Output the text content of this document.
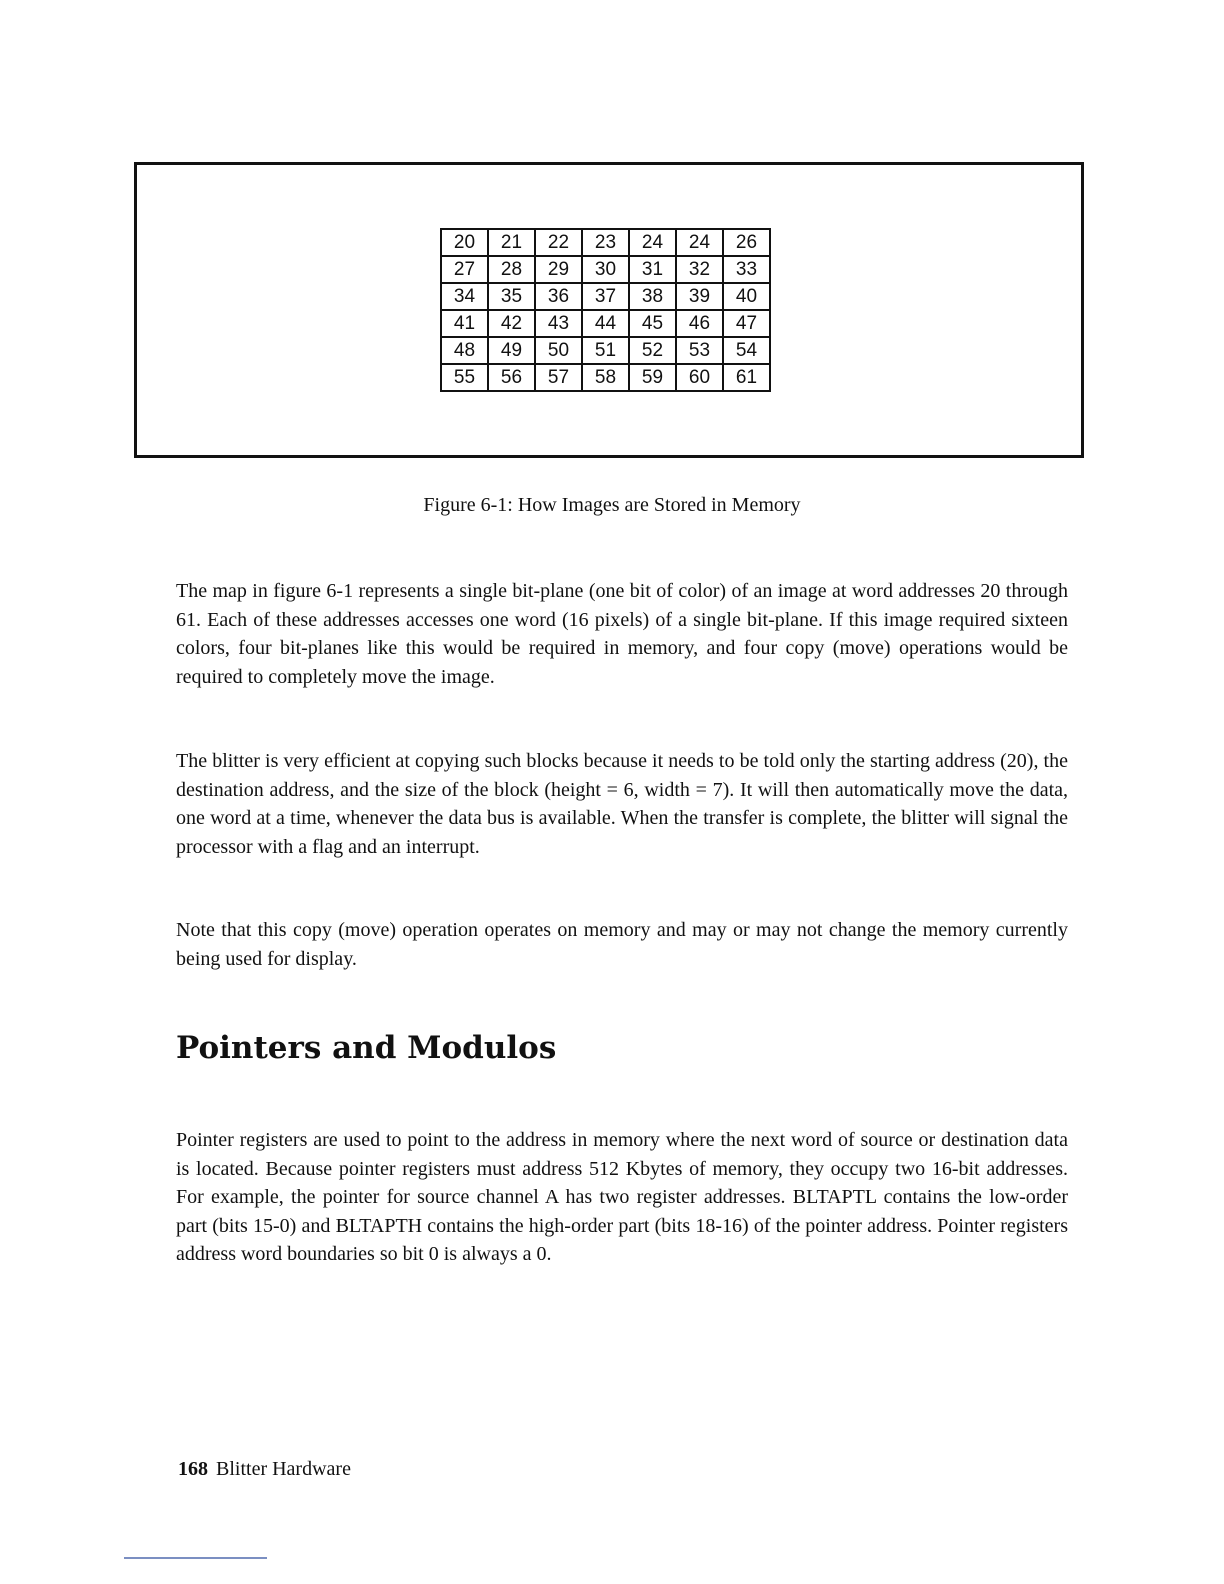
20	21	22	23	24	24	26
27	28	29	30	31	32	33
34	35	36	37	38	39	40
41	42	43	44	45	46	47
48	49	50	51	52	53	54
55	56	57	58	59	60	61
Figure 6-1: How Images are Stored in Memory

The map in figure 6-1 represents a single bit-plane (one bit of color) of an image at word addresses 20 through 61. Each of these addresses accesses one word (16 pixels) of a single bit-plane. If this image required sixteen colors, four bit-planes like this would be required in memory, and four copy (move) operations would be required to completely move the image.

The blitter is very efficient at copying such blocks because it needs to be told only the starting address (20), the destination address, and the size of the block (height = 6, width = 7). It will then automatically move the data, one word at a time, whenever the data bus is available. When the transfer is complete, the blitter will signal the processor with a flag and an interrupt.

Note that this copy (move) operation operates on memory and may or may not change the memory currently being used for display.

Pointers and Modulos

Pointer registers are used to point to the address in memory where the next word of source or destination data is located. Because pointer registers must address 512 Kbytes of memory, they occupy two 16-bit addresses. For example, the pointer for source channel A has two register addresses. BLTAPTL contains the low-order part (bits 15-0) and BLTAPTH contains the high-order part (bits 18-16) of the pointer address. Pointer registers address word boundaries so bit 0 is always a 0.

168 Blitter Hardware
